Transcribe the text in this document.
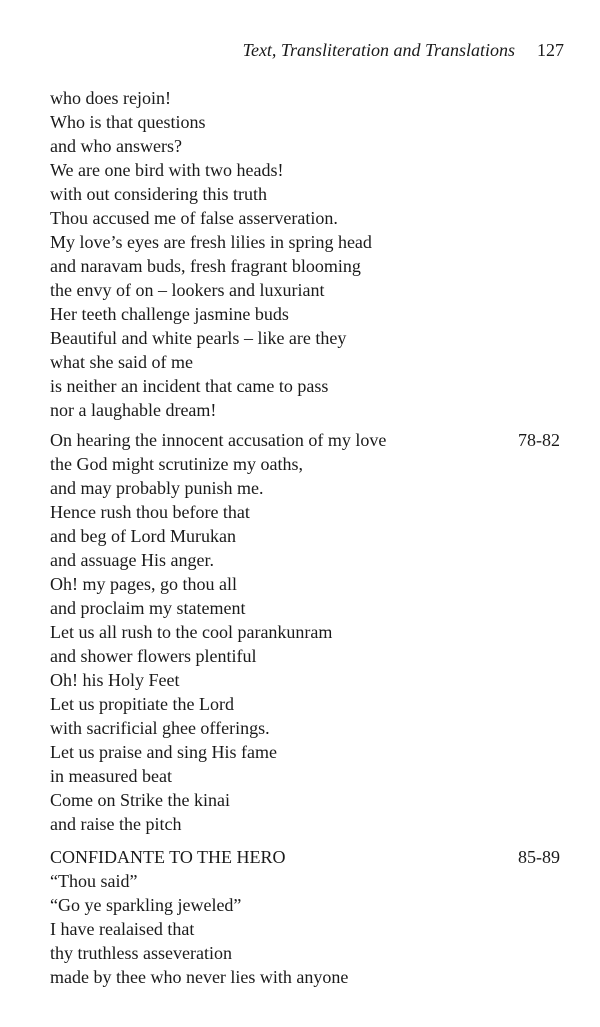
Text, Transliteration and Translations 127
who does rejoin!
Who is that questions
and who answers?
We are one bird with two heads!
with out considering this truth
Thou accused me of false asserveration.
My love’s eyes are fresh lilies in spring head
and naravam buds, fresh fragrant blooming
the envy of on – lookers and luxuriant
Her teeth challenge jasmine buds
Beautiful and white pearls – like are they
what she said of me
is neither an incident that came to pass
nor a laughable dream!
78-82
On hearing the innocent accusation of my love
the God might scrutinize my oaths,
and may probably punish me.
Hence rush thou before that
and beg of Lord Murukan
and assuage His anger.
Oh! my pages, go thou all
and proclaim my statement
Let us all rush to the cool parankunram
and shower flowers plentiful
Oh! his Holy Feet
Let us propitiate the Lord
with sacrificial ghee offerings.
Let us praise and sing His fame
in measured beat
Come on Strike the kinai
and raise the pitch
85-89
CONFIDANTE TO THE HERO
“Thou said”
“Go ye sparkling jeweled”
I have realaised that
thy truthless asseveration
made by thee who never lies with anyone
